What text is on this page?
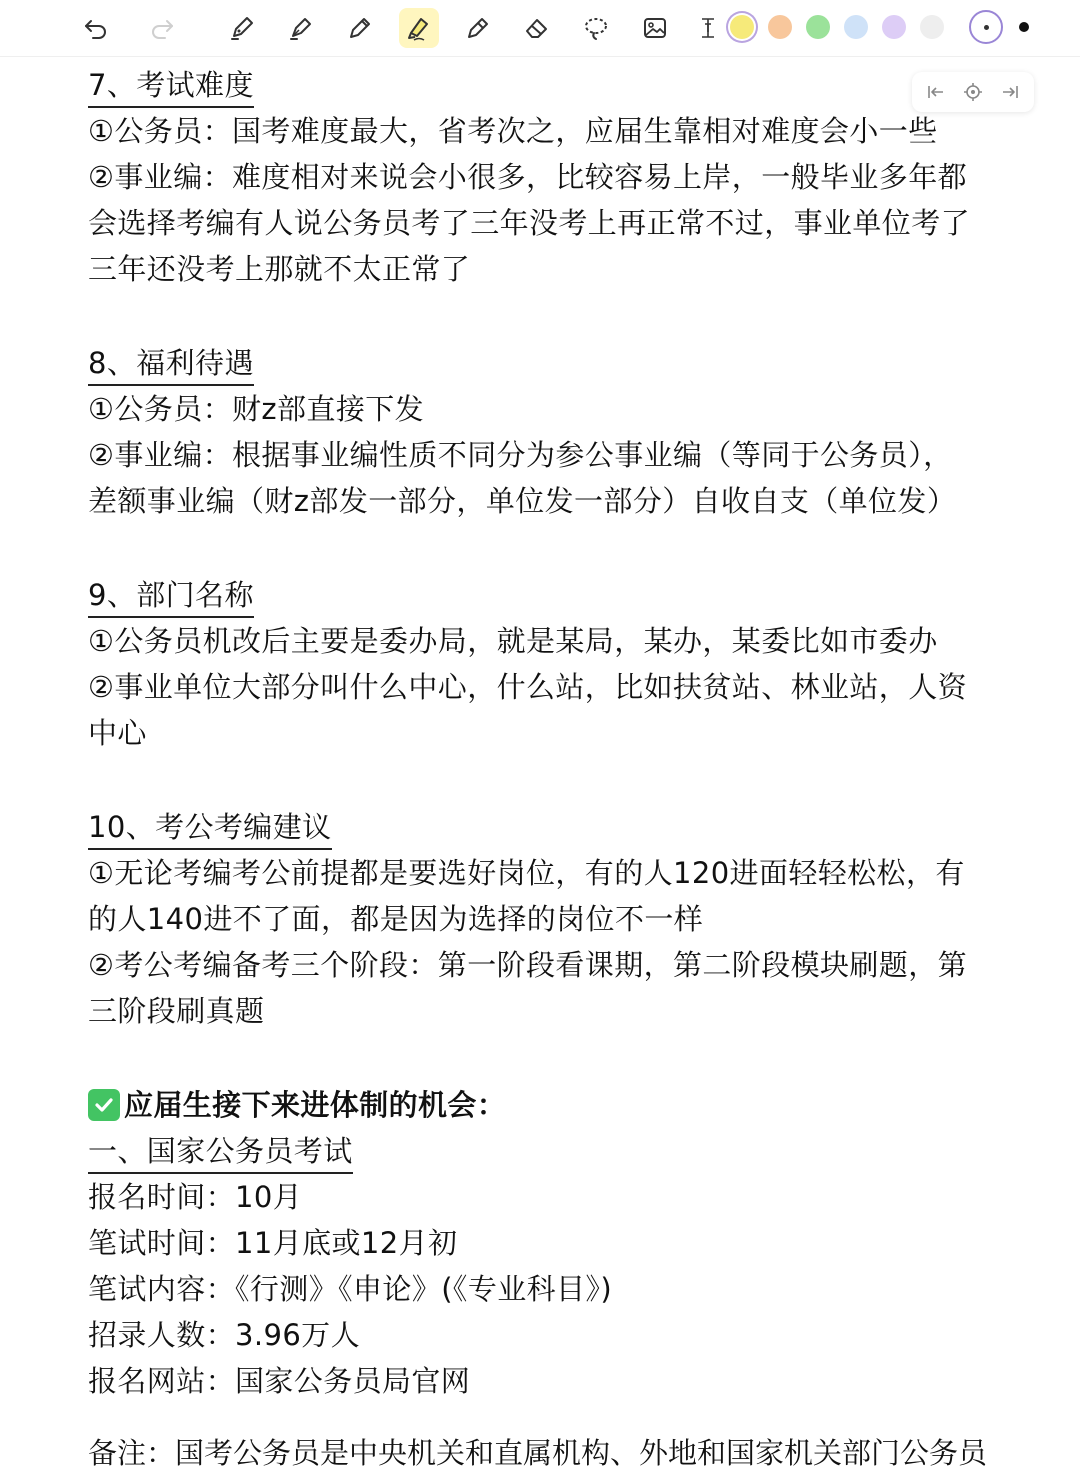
7、考试难度
①公务员：国考难度最大，省考次之，应届生靠相对难度会小一些
②事业编：难度相对来说会小很多，比较容易上岸，一般毕业多年都
会选择考编有人说公务员考了三年没考上再正常不过，事业单位考了
三年还没考上那就不太正常了
8、福利待遇
①公务员：财z部直接下发
②事业编：根据事业编性质不同分为参公事业编（等同于公务员），
差额事业编（财z部发一部分，单位发一部分）自收自支（单位发）
9、部门名称
①公务员机改后主要是委办局，就是某局，某办，某委比如市委办
②事业单位大部分叫什么中心，什么站，比如扶贫站、林业站，人资
中心
10、考公考编建议
①无论考编考公前提都是要选好岗位，有的人120进面轻轻松松，有
的人140进不了面，都是因为选择的岗位不一样
②考公考编备考三个阶段：第一阶段看课期，第二阶段模块刷题，第
三阶段刷真题
应届生接下来进体制的机会：
一、国家公务员考试
报名时间：10月
笔试时间：11月底或12月初
笔试内容：《行测》《申论》(《专业科目》)
招录人数：3.96万人
报名网站：国家公务员局官网
备注：国考公务员是中央机关和直属机构、外地和国家机关部门公务员
